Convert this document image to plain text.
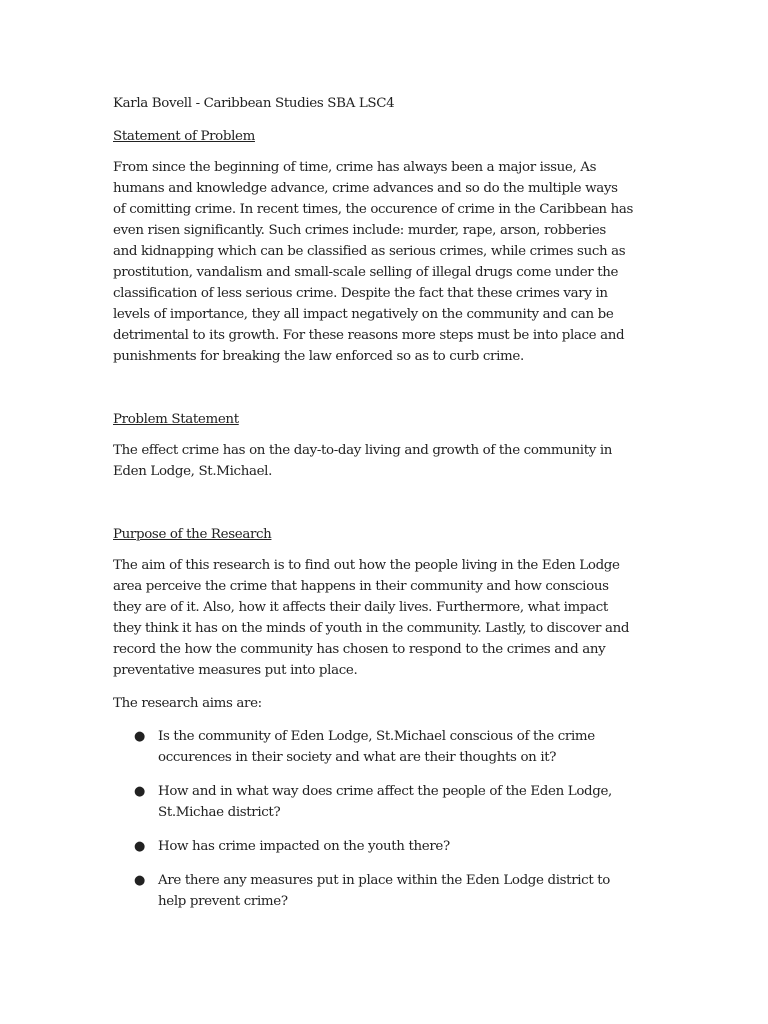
Karla Bovell - Caribbean Studies SBA LSC4

Statement of Problem

From since the beginning of time, crime has always been a major issue, As humans and knowledge advance, crime advances and so do the multiple ways of comitting crime. In recent times, the occurence of crime in the Caribbean has even risen significantly. Such crimes include: murder, rape, arson, robberies and kidnapping which can be classified as serious crimes, while crimes such as prostitution, vandalism and small-scale selling of illegal drugs come under the classification of less serious crime. Despite the fact that these crimes vary in levels of importance, they all impact negatively on the community and can be detrimental to its growth. For these reasons more steps must be into place and punishments for breaking the law enforced so as to curb crime.

Problem Statement

The effect crime has on the day-to-day living and growth of the community in Eden Lodge, St.Michael.

Purpose of the Research

The aim of this research is to find out how the people living in the Eden Lodge area perceive the crime that happens in their community and how conscious they are of it. Also, how it affects their daily lives. Furthermore, what impact they think it has on the minds of youth in the community. Lastly, to discover and record the how the community has chosen to respond to the crimes and any preventative measures put into place.

The research aims are:

● Is the community of Eden Lodge, St.Michael conscious of the crime occurences in their society and what are their thoughts on it?
● How and in what way does crime affect the people of the Eden Lodge, St.Michae district?
● How has crime impacted on the youth there?
● Are there any measures put in place within the Eden Lodge district to help prevent crime?
